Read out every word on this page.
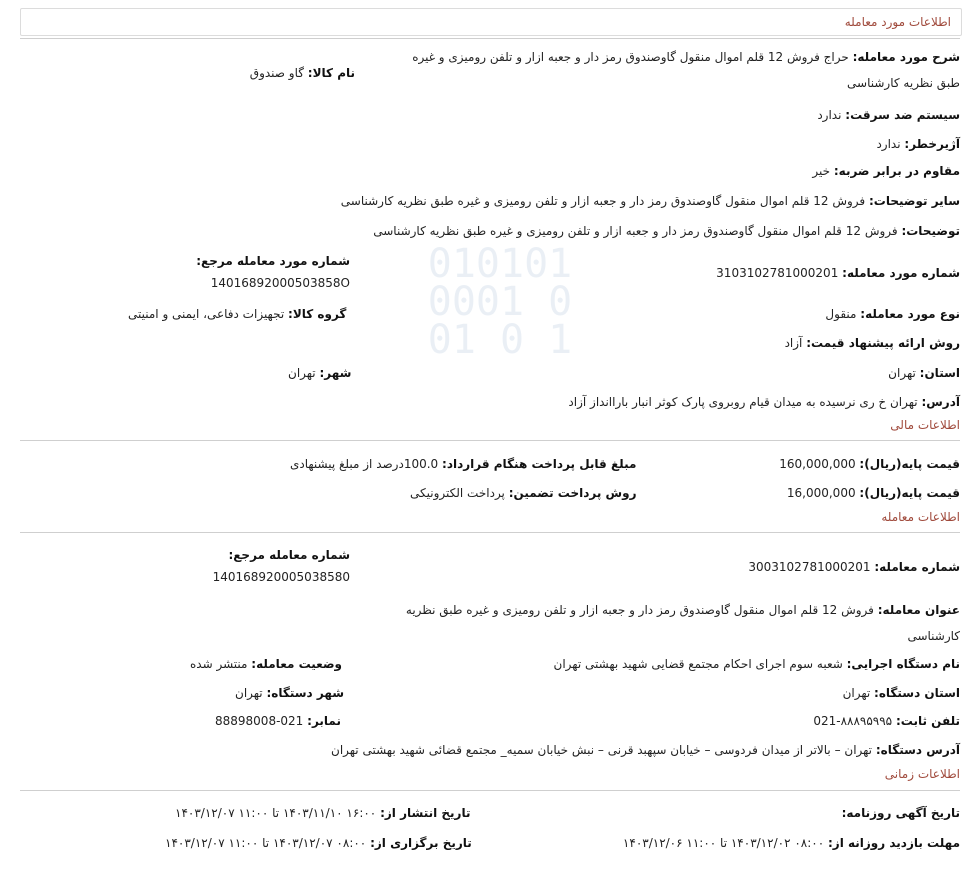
010101
0001 0
01 0 1
اطلاعات مورد معامله
شرح مورد معامله: حراج فروش 12 قلم اموال منقول گاوصندوق رمز دار و جعبه ازار و تلفن رومیزی و غیره طبق نظریه کارشناسی
نام کالا: گاو صندوق
سیستم ضد سرقت: ندارد
آژیرخطر: ندارد
مقاوم در برابر ضربه: خیر
سایر توضیحات: فروش 12 قلم اموال منقول گاوصندوق رمز دار و جعبه ازار و تلفن رومیزی و غیره طبق نظریه کارشناسی
توضیحات: فروش 12 قلم اموال منقول گاوصندوق رمز دار و جعبه ازار و تلفن رومیزی و غیره طبق نظریه کارشناسی
شماره مورد معامله مرجع:
14016892000503858O
شماره مورد معامله: 3103102781000201
نوع مورد معامله: منقول
گروه کالا: تجهیزات دفاعی، ایمنی و امنیتی
روش ارائه پیشنهاد قیمت: آزاد
استان: تهران
شهر: تهران
آدرس: تهران خ ری نرسیده به میدان قیام روبروی پارک کوثر انبار باراانداز آزاد
اطلاعات مالی
قیمت پایه(ریال): 160,000,000
مبلغ قابل پرداخت هنگام قرارداد: 100.0درصد از مبلغ پیشنهادی
قیمت پایه(ریال): 16,000,000
روش پرداخت تضمین: پرداخت الکترونیکی
اطلاعات معامله
شماره معامله: 3003102781000201
شماره معامله مرجع:
140168920005038580
عنوان معامله: فروش 12 قلم اموال منقول گاوصندوق رمز دار و جعبه ازار و تلفن رومیزی و غیره طبق نظریه کارشناسی
نام دستگاه اجرایی: شعبه سوم اجرای احکام مجتمع قضایی شهید بهشتی تهران
وضعیت معامله: منتشر شده
استان دستگاه: تهران
شهر دستگاه: تهران
تلفن ثابت: 021-۸۸۸۹۵۹۹۵
نمابر: 88898008-021
آدرس دستگاه: تهران – بالاتر از میدان فردوسی – خیابان سپهبد قرنی – نبش خیابان سمیه_ مجتمع قضائی شهید بهشتی تهران
اطلاعات زمانی
تاریخ آگهی روزنامه:
تاریخ انتشار از: ۱۶:۰۰ ۱۴۰۳/۱۱/۱۰ تا ۱۱:۰۰ ۱۴۰۳/۱۲/۰۷
مهلت بازدید روزانه از: ۰۸:۰۰ ۱۴۰۳/۱۲/۰۲ تا ۱۱:۰۰ ۱۴۰۳/۱۲/۰۶
تاریخ برگزاری از: ۰۸:۰۰ ۱۴۰۳/۱۲/۰۷ تا ۱۱:۰۰ ۱۴۰۳/۱۲/۰۷
